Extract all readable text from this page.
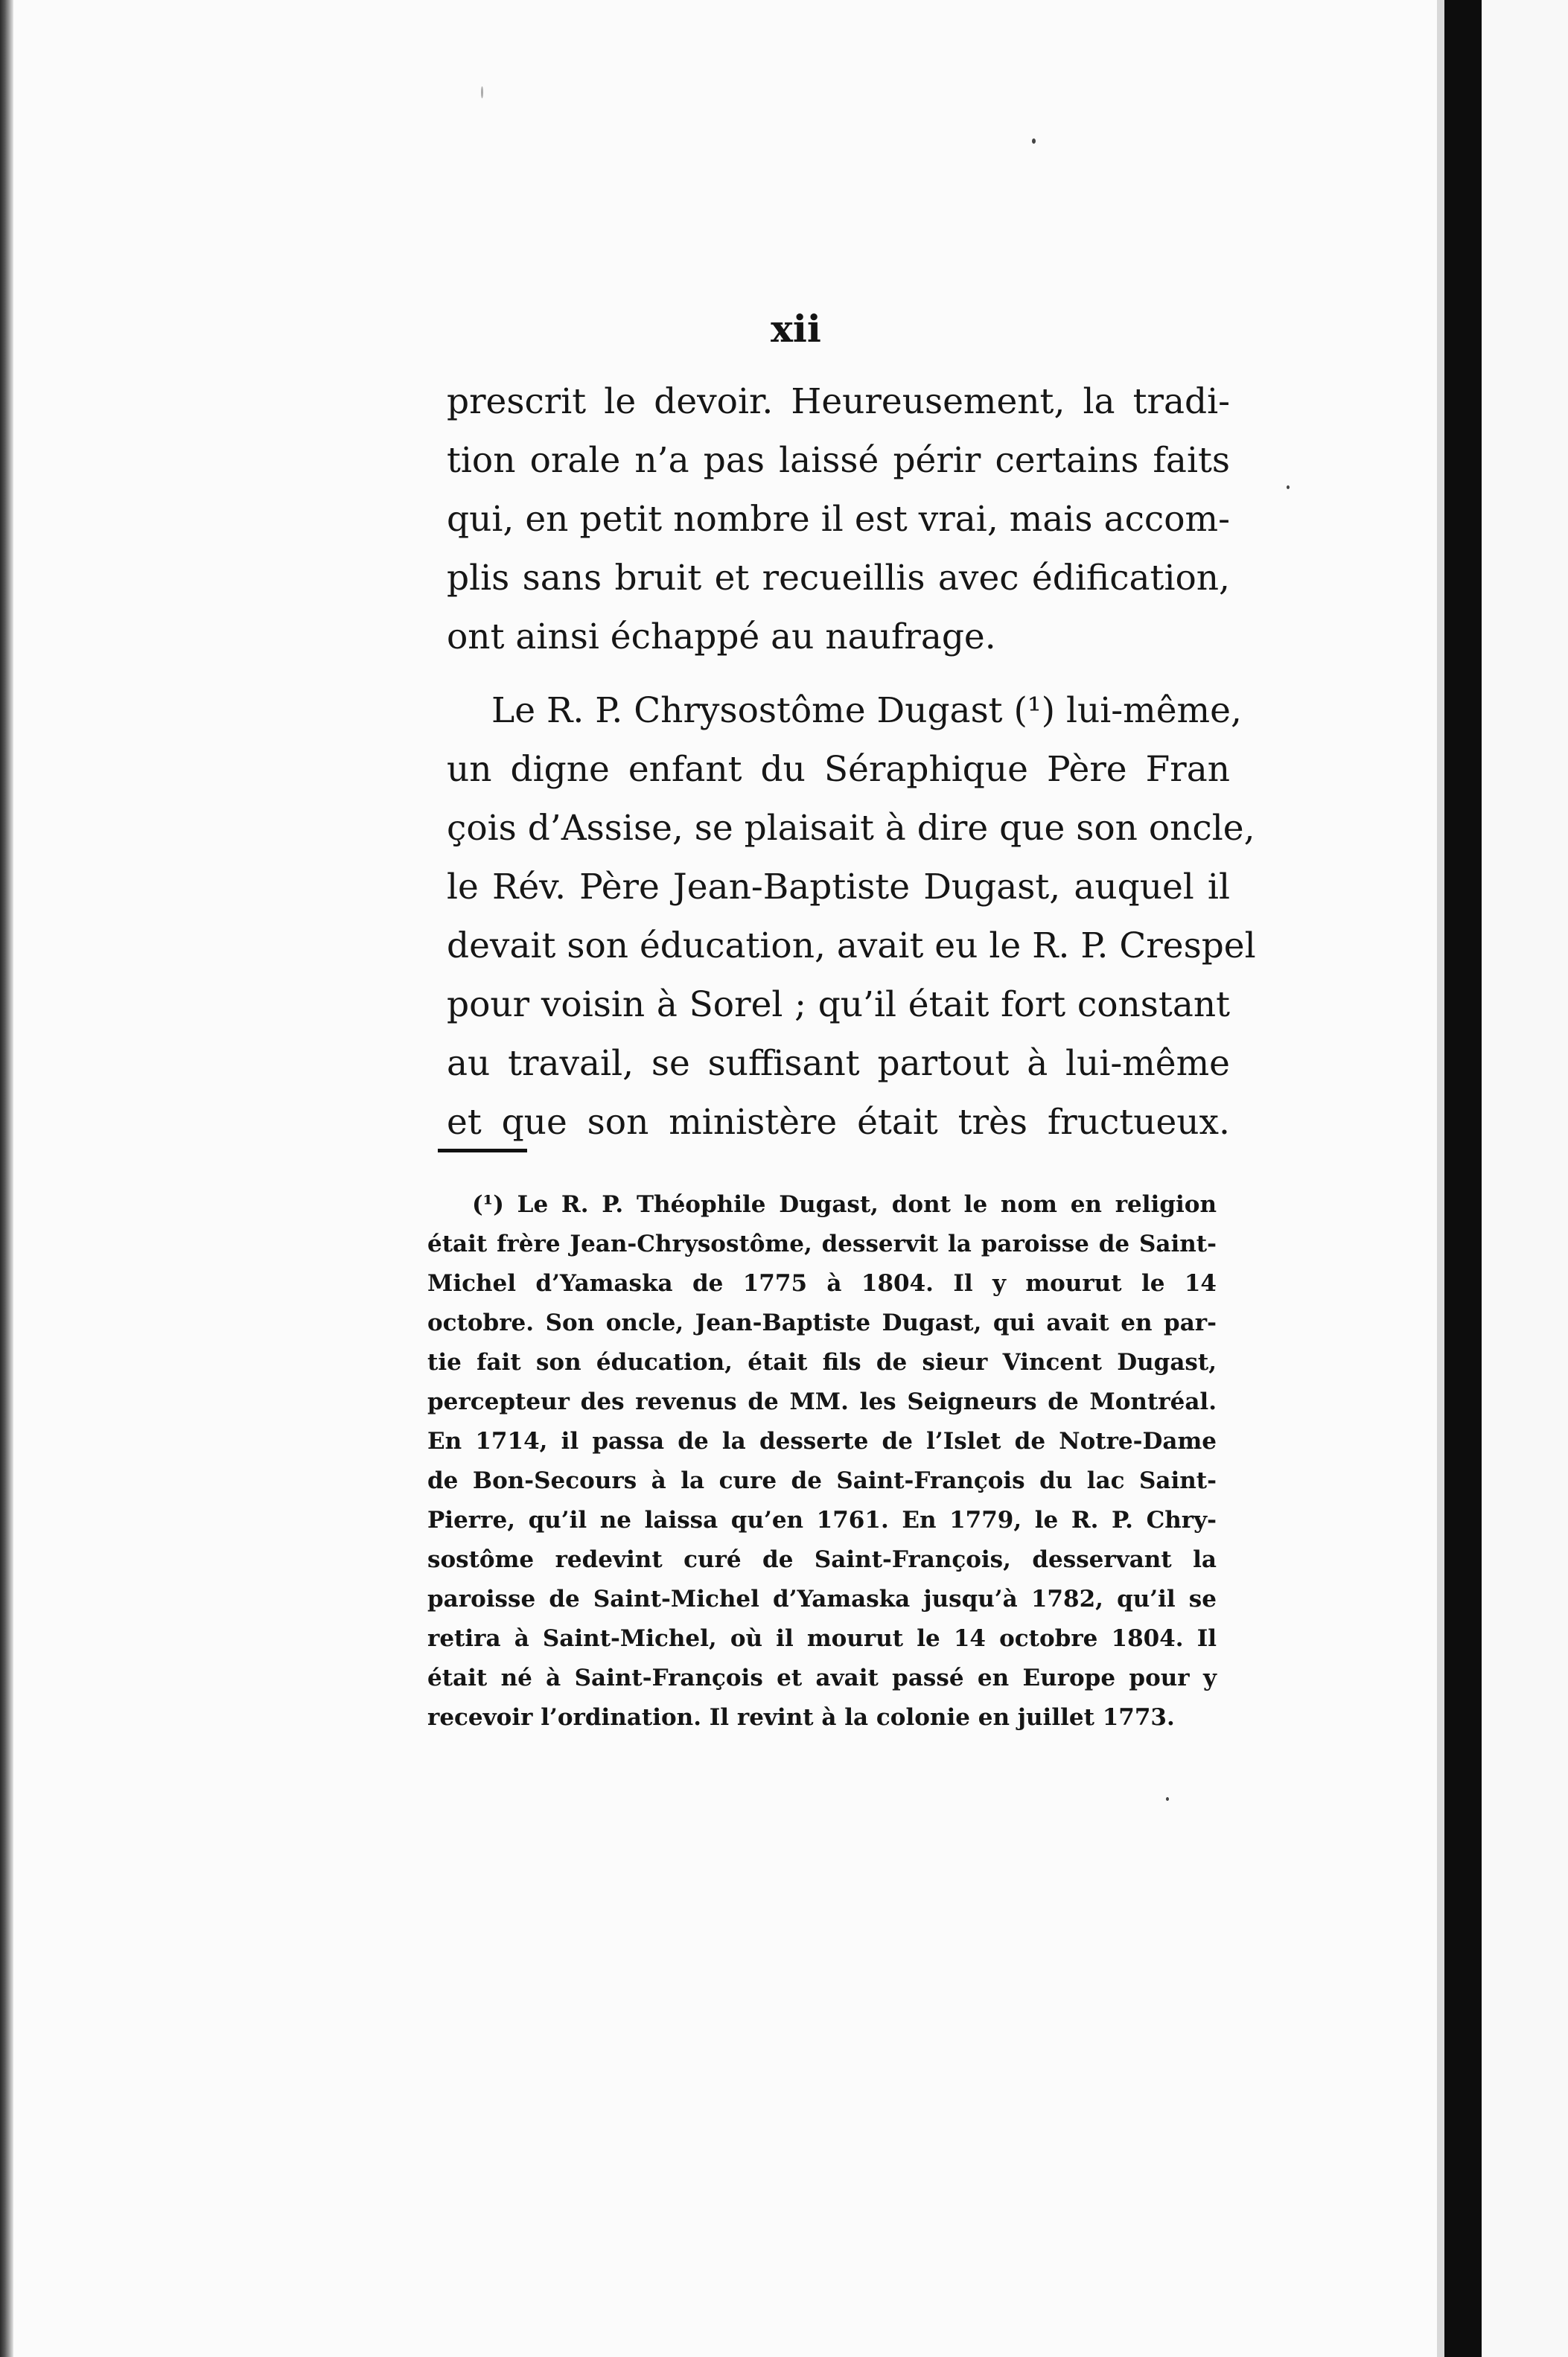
xii
prescrit le devoir. Heureusement, la tradi-
tion orale n’a pas laissé périr certains faits
qui, en petit nombre il est vrai, mais accom-
plis sans bruit et recueillis avec édification,
ont ainsi échappé au naufrage.
Le R. P. Chrysostôme Dugast (¹) lui-même,
un digne enfant du Séraphique Père Fran
çois d’Assise, se plaisait à dire que son oncle,
le Rév. Père Jean-Baptiste Dugast, auquel il
devait son éducation, avait eu le R. P. Crespel
pour voisin à Sorel ; qu’il était fort constant
au travail, se suffisant partout à lui-même
et que son ministère était très fructueux.
(¹) Le R. P. Théophile Dugast, dont le nom en religion
était frère Jean-Chrysostôme, desservit la paroisse de Saint-
Michel d’Yamaska de 1775 à 1804. Il y mourut le 14
octobre. Son oncle, Jean-Baptiste Dugast, qui avait en par-
tie fait son éducation, était fils de sieur Vincent Dugast,
percepteur des revenus de MM. les Seigneurs de Montréal.
En 1714, il passa de la desserte de l’Islet de Notre-Dame
de Bon-Secours à la cure de Saint-François du lac Saint-
Pierre, qu’il ne laissa qu’en 1761. En 1779, le R. P. Chry-
sostôme redevint curé de Saint-François, desservant la
paroisse de Saint-Michel d’Yamaska jusqu’à 1782, qu’il se
retira à Saint-Michel, où il mourut le 14 octobre 1804. Il
était né à Saint-François et avait passé en Europe pour y
recevoir l’ordination. Il revint à la colonie en juillet 1773.
